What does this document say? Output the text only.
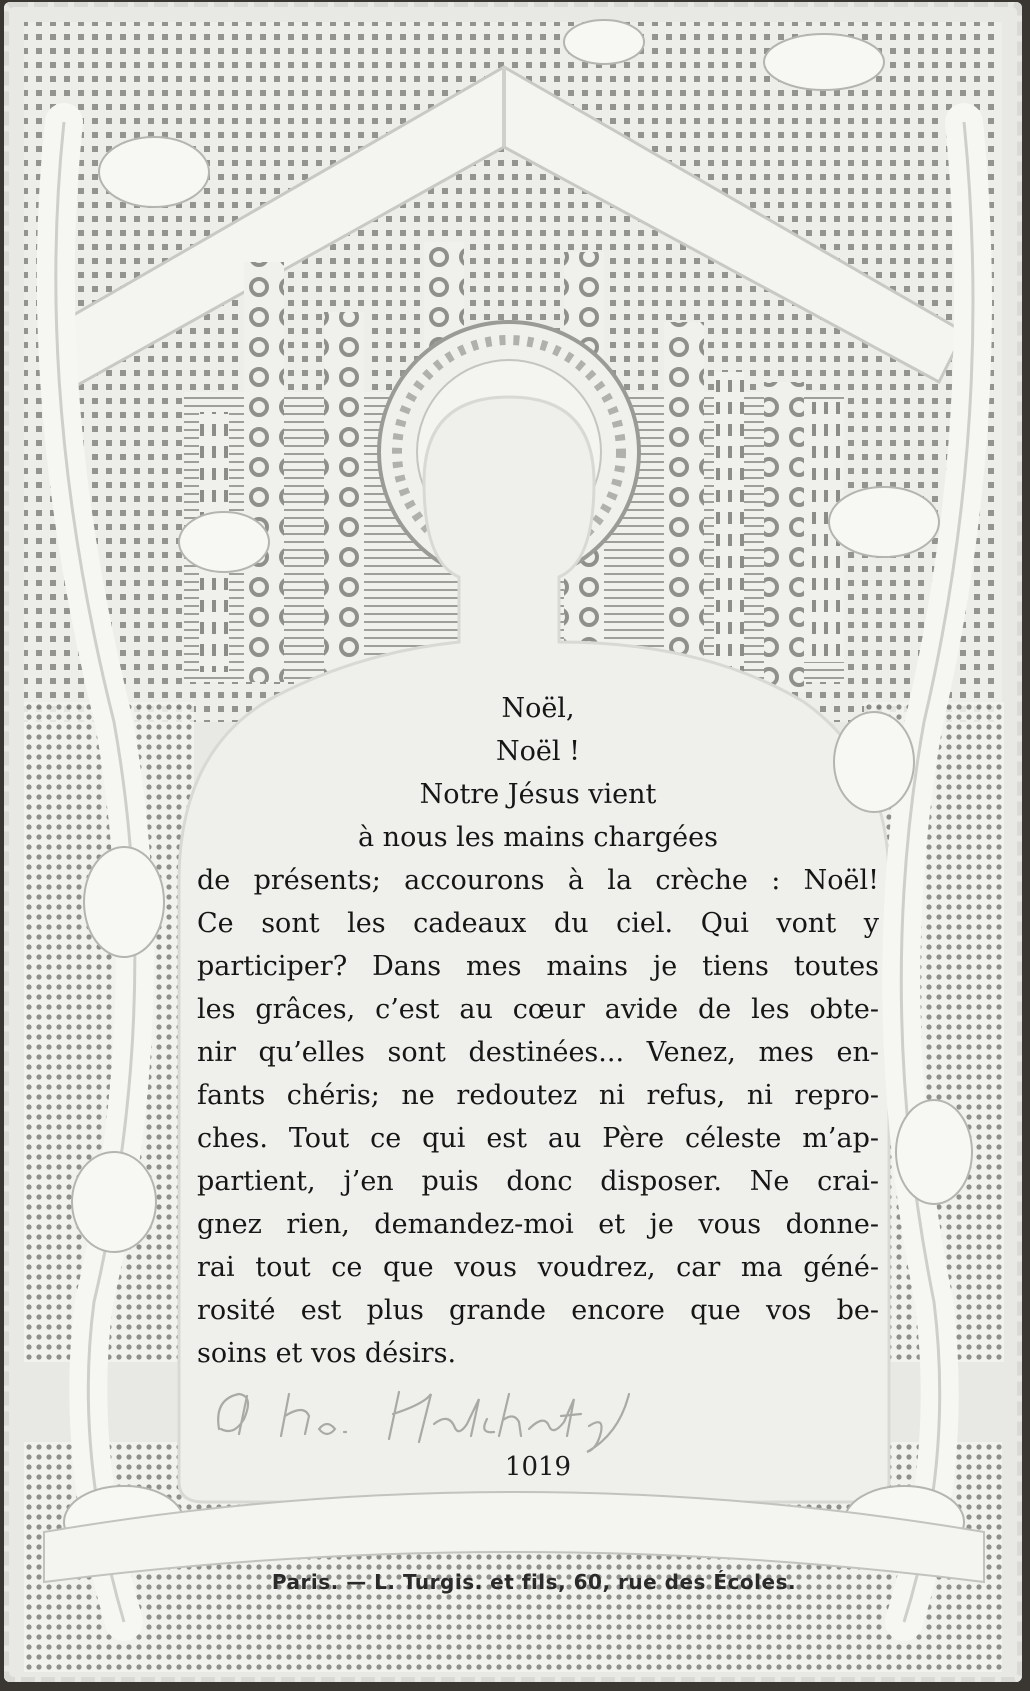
Noël,
Noël !
Notre Jésus vient
à nous les mains chargées
de présents; accourons à la crèche : Noël!
Ce sont les cadeaux du ciel. Qui vont y
participer? Dans mes mains je tiens toutes
les grâces, c’est au cœur avide de les obte-
nir qu’elles sont destinées... Venez, mes en-
fants chéris; ne redoutez ni refus, ni repro-
ches. Tout ce qui est au Père céleste m’ap-
partient, j’en puis donc disposer. Ne crai-
gnez rien, demandez-moi et je vous donne-
rai tout ce que vous voudrez, car ma géné-
rosité est plus grande encore que vos be-
soins et vos désirs.
1019
Paris. — L. Turgis. et fils, 60, rue des Écoles.
